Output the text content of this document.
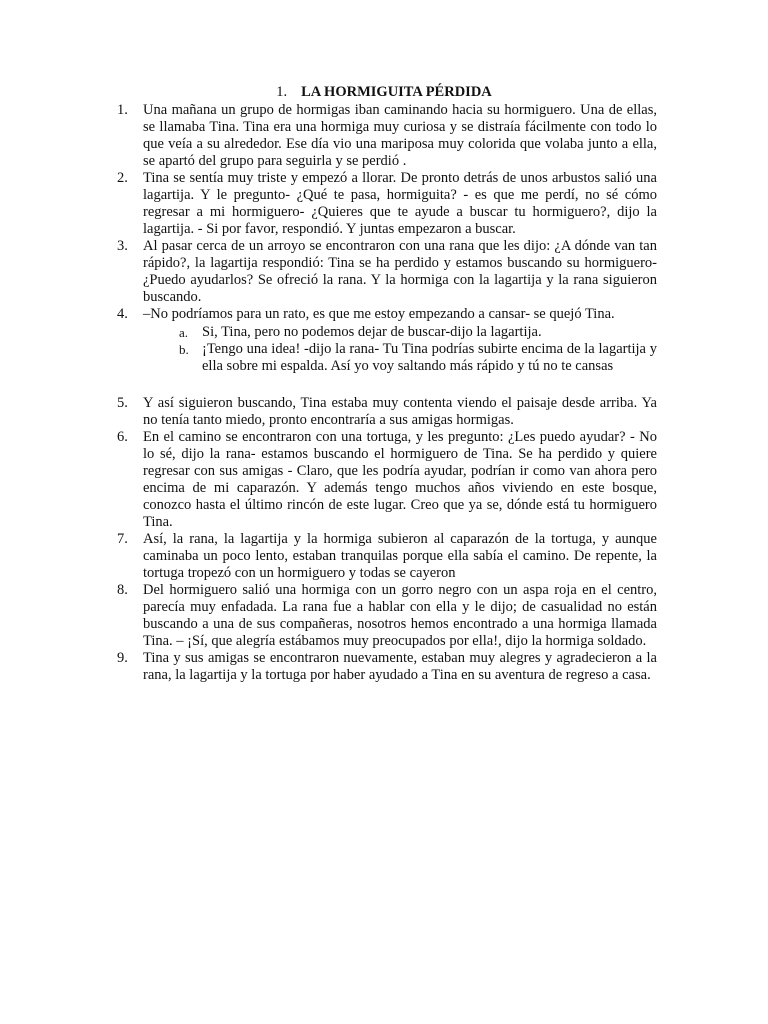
1. LA HORMIGUITA PÉRDIDA
1. Una mañana un grupo de hormigas iban caminando hacia su hormiguero. Una de ellas, se llamaba Tina. Tina era una hormiga muy curiosa y se distraía fácilmente con todo lo que veía a su alrededor. Ese día vio una mariposa muy colorida que volaba junto a ella, se apartó del grupo para seguirla y se perdió .
2. Tina se sentía muy triste y empezó a llorar. De pronto detrás de unos arbustos salió una lagartija. Y le pregunto- ¿Qué te pasa, hormiguita? - es que me perdí, no sé cómo regresar a mi hormiguero- ¿Quieres que te ayude a buscar tu hormiguero?, dijo la lagartija. - Si por favor, respondió. Y juntas empezaron a buscar.
3. Al pasar cerca de un arroyo se encontraron con una rana que les dijo: ¿A dónde van tan rápido?, la lagartija respondió: Tina se ha perdido y estamos buscando su hormiguero- ¿Puedo ayudarlos? Se ofreció la rana. Y la hormiga con la lagartija y la rana siguieron buscando.
4. –No podríamos para un rato, es que me estoy empezando a cansar- se quejó Tina.
a. Si, Tina, pero no podemos dejar de buscar-dijo la lagartija.
b. ¡Tengo una idea! -dijo la rana- Tu Tina podrías subirte encima de la lagartija y ella sobre mi espalda. Así yo voy saltando más rápido y tú no te cansas
5. Y así siguieron buscando, Tina estaba muy contenta viendo el paisaje desde arriba. Ya no tenía tanto miedo, pronto encontraría a sus amigas hormigas.
6. En el camino se encontraron con una tortuga, y les pregunto: ¿Les puedo ayudar? - No lo sé, dijo la rana- estamos buscando el hormiguero de Tina. Se ha perdido y quiere regresar con sus amigas - Claro, que les podría ayudar, podrían ir como van ahora pero encima de mi caparazón. Y además tengo muchos años viviendo en este bosque, conozco hasta el último rincón de este lugar. Creo que ya se, dónde está tu hormiguero Tina.
7. Así, la rana, la lagartija y la hormiga subieron al caparazón de la tortuga, y aunque caminaba un poco lento, estaban tranquilas porque ella sabía el camino. De repente, la tortuga tropezó con un hormiguero y todas se cayeron
8. Del hormiguero salió una hormiga con un gorro negro con un aspa roja en el centro, parecía muy enfadada. La rana fue a hablar con ella y le dijo; de casualidad no están buscando a una de sus compañeras, nosotros hemos encontrado a una hormiga llamada Tina. – ¡Sí, que alegría estábamos muy preocupados por ella!, dijo la hormiga soldado.
9. Tina y sus amigas se encontraron nuevamente, estaban muy alegres y agradecieron a la rana, la lagartija y la tortuga por haber ayudado a Tina en su aventura de regreso a casa.
